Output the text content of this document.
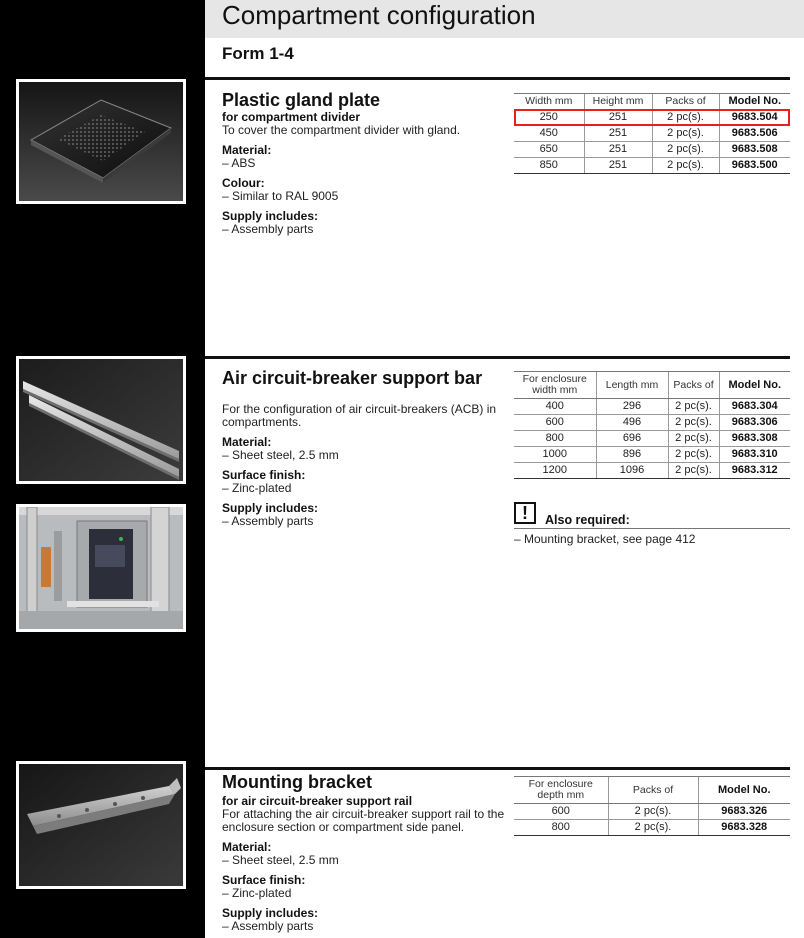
Compartment configuration
Form 1-4
Plastic gland plate
for compartment divider
To cover the compartment divider with gland.
Material:
– ABS
Colour:
– Similar to RAL 9005
Supply includes:
– Assembly parts
Width mm	Height mm	Packs of	Model No.
250	251	2 pc(s).	9683.504
450	251	2 pc(s).	9683.506
650	251	2 pc(s).	9683.508
850	251	2 pc(s).	9683.500
Air circuit-breaker support bar
For the configuration of air circuit-breakers (ACB) in compartments.
Material:
– Sheet steel, 2.5 mm
Surface finish:
– Zinc-plated
Supply includes:
– Assembly parts
For enclosure width mm	Length mm	Packs of	Model No.
400	296	2 pc(s).	9683.304
600	496	2 pc(s).	9683.306
800	696	2 pc(s).	9683.308
1000	896	2 pc(s).	9683.310
1200	1096	2 pc(s).	9683.312
!	Also required:
– Mounting bracket, see page 412
Mounting bracket
for air circuit-breaker support rail
For attaching the air circuit-breaker support rail to the enclosure section or compartment side panel.
Material:
– Sheet steel, 2.5 mm
Surface finish:
– Zinc-plated
Supply includes:
– Assembly parts
For enclosure depth mm	Packs of	Model No.
600	2 pc(s).	9683.326
800	2 pc(s).	9683.328
